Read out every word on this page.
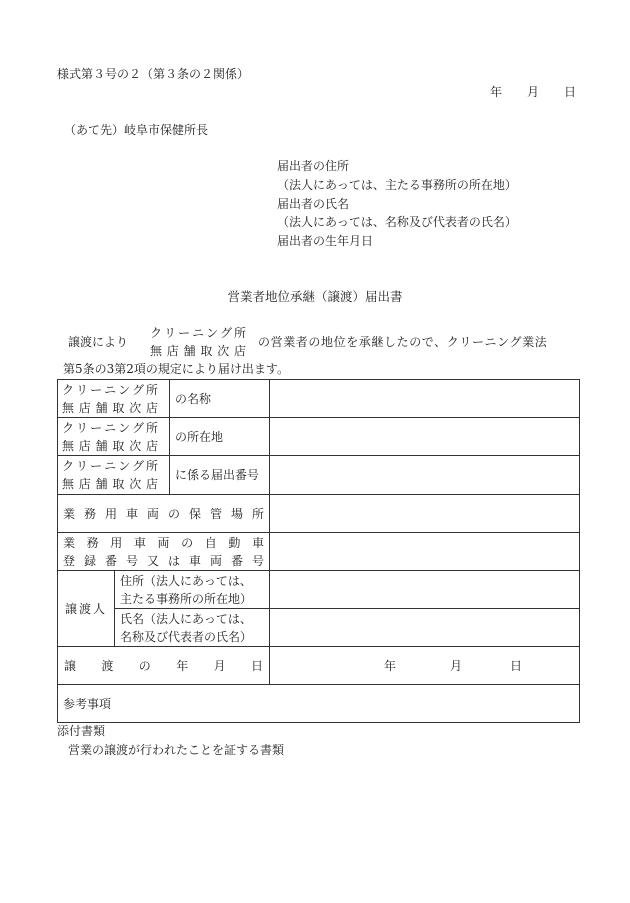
様式第３号の２（第３条の２関係）
年 月 日
（あて先）岐阜市保健所長
届出者の住所
（法人にあっては、主たる事務所の所在地）
届出者の氏名
（法人にあっては、名称及び代表者の氏名）
届出者の生年月日
営業者地位承継（譲渡）届出書
譲渡により
クリーニング所
無店舗取次店
の営業者の地位を承継したので、クリーニング業法
第5条の3第2項の規定により届け出ます。
クリーニング所
無店舗取次店		の名称	

クリーニング所
無店舗取次店		の所在地	

クリーニング所
無店舗取次店		に係る届出番号	

業務用車両の保管場所			

業務用車両の自動車
登録番号又は車両番号			

譲渡人	住所（法人にあっては、
主たる事務所の所在地）		

	氏名（法人にあっては、
名称及び代表者の氏名）		

譲渡の年月日			年 月 日

参考事項			
添付書類
営業の譲渡が行われたことを証する書類
